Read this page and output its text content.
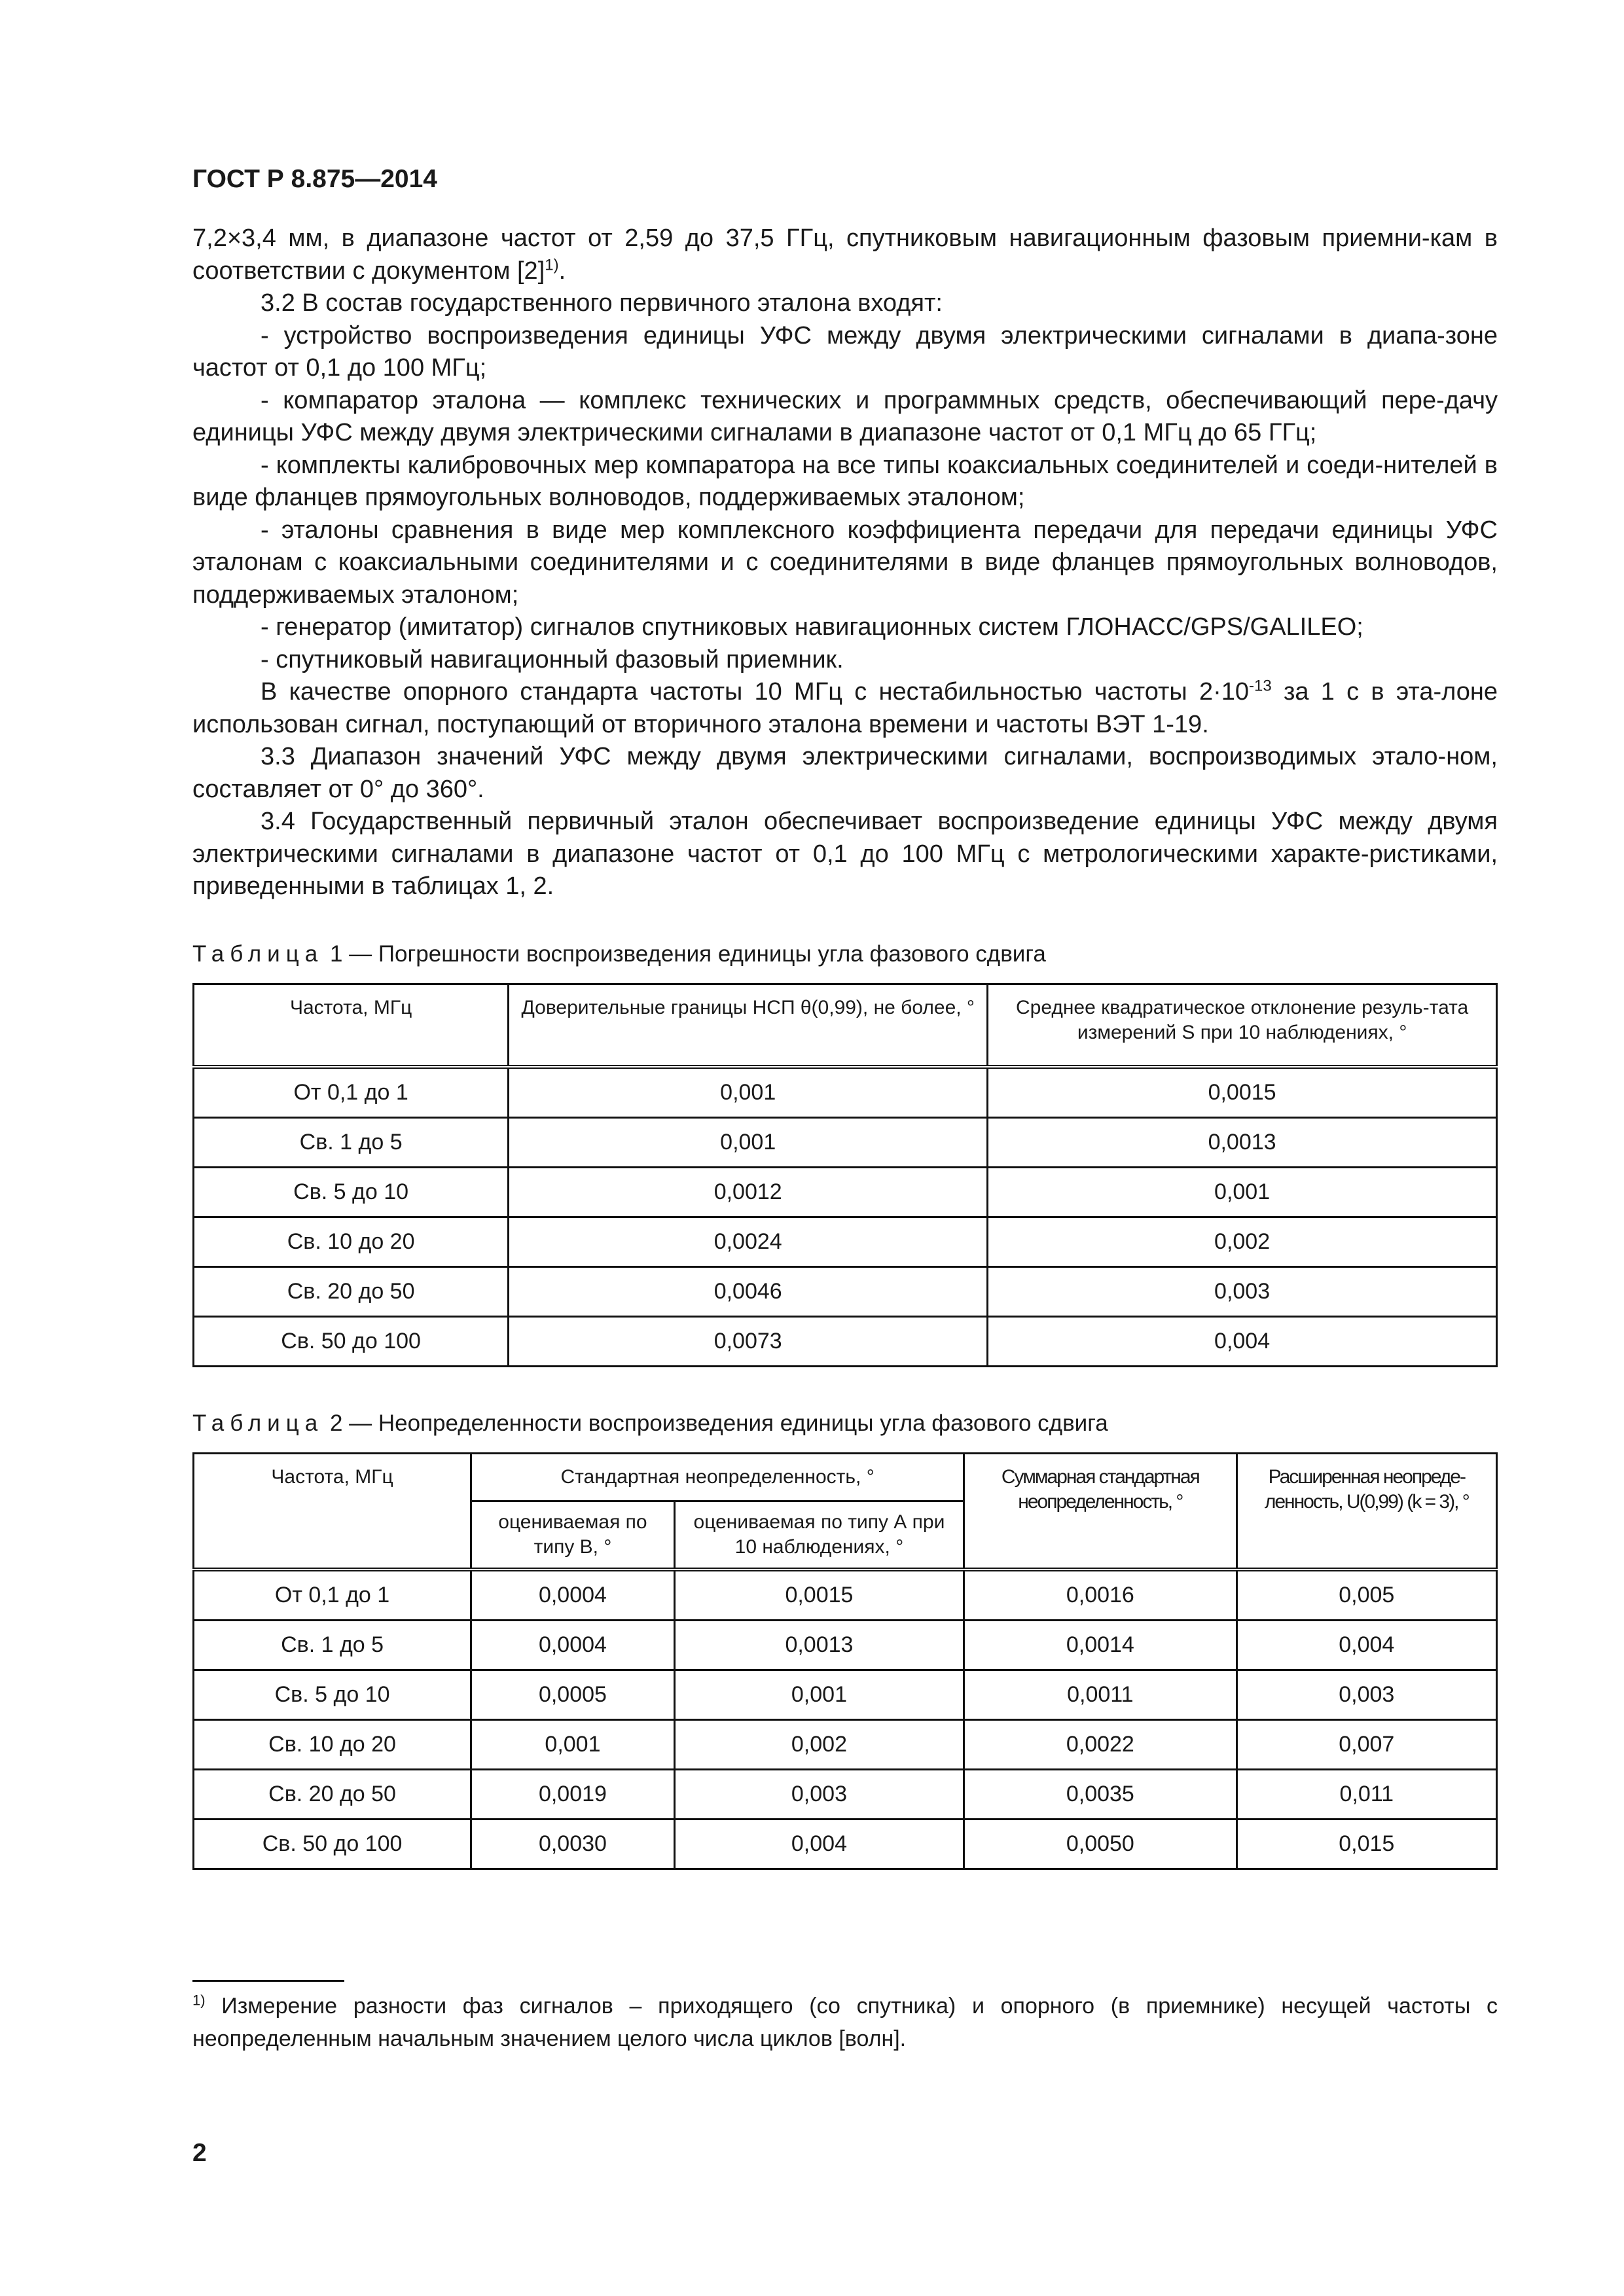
ГОСТ Р 8.875—2014

7,2×3,4 мм, в диапазоне частот от 2,59 до 37,5 ГГц, спутниковым навигационным фазовым приемни-кам в соответствии с документом $[2]^{1)}$.

3.2 В состав государственного первичного эталона входят:

- устройство воспроизведения единицы УФС между двумя электрическими сигналами в диапа-зоне частот от 0,1 до 100 МГц;

- компаратор эталона — комплекс технических и программных средств, обеспечивающий пере-дачу единицы УФС между двумя электрическими сигналами в диапазоне частот от 0,1 МГц до 65 ГГц;

- комплекты калибровочных мер компаратора на все типы коаксиальных соединителей и соеди-нителей в виде фланцев прямоугольных волноводов, поддерживаемых эталоном;

- эталоны сравнения в виде мер комплексного коэффициента передачи для передачи единицы УФС эталонам с коаксиальными соединителями и с соединителями в виде фланцев прямоугольных волноводов, поддерживаемых эталоном;

- генератор (имитатор) сигналов спутниковых навигационных систем ГЛОНАСС/GPS/GALILEO;

- спутниковый навигационный фазовый приемник.

В качестве опорного стандарта частоты 10 МГц с нестабильностью частоты $2\cdot 10^{-13}$ за 1 с в эта-лоне использован сигнал, поступающий от вторичного эталона времени и частоты ВЭТ 1-19.

3.3 Диапазон значений УФС между двумя электрическими сигналами, воспроизводимых этало-ном, составляет от 0° до 360°.

3.4 Государственный первичный эталон обеспечивает воспроизведение единицы УФС между двумя электрическими сигналами в диапазоне частот от 0,1 до 100 МГц с метрологическими характе-ристиками, приведенными в таблицах 1, 2.

Таблица 1 — Погрешности воспроизведения единицы угла фазового сдвига
Частота, МГц	Доверительные границы НСП θ(0,99), не более, °	Среднее квадратическое отклонение резуль-тата измерений S при 10 наблюдениях, °
От 0,1 до 1	0,001	0,0015
Св. 1 до 5	0,001	0,0013
Св. 5 до 10	0,0012	0,001
Св. 10 до 20	0,0024	0,002
Св. 20 до 50	0,0046	0,003
Св. 50 до 100	0,0073	0,004
Таблица 2 — Неопределенности воспроизведения единицы угла фазового сдвига
Частота, МГц	Стандартная неопределенность, °		Суммарная стандартная неопределенность, °	Расширенная неопреде-ленность, U(0,99) (k = 3), °
	оцениваемая по типу В, °	оцениваемая по типу А при 10 наблюдениях, °		
От 0,1 до 1	0,0004	0,0015	0,0016	0,005
Св. 1 до 5	0,0004	0,0013	0,0014	0,004
Св. 5 до 10	0,0005	0,001	0,0011	0,003
Св. 10 до 20	0,001	0,002	0,0022	0,007
Св. 20 до 50	0,0019	0,003	0,0035	0,011
Св. 50 до 100	0,0030	0,004	0,0050	0,015
$^{1)}$ Измерение разности фаз сигналов – приходящего (со спутника) и опорного (в приемнике) несущей частоты с неопределенным начальным значением целого числа циклов [волн].
2
